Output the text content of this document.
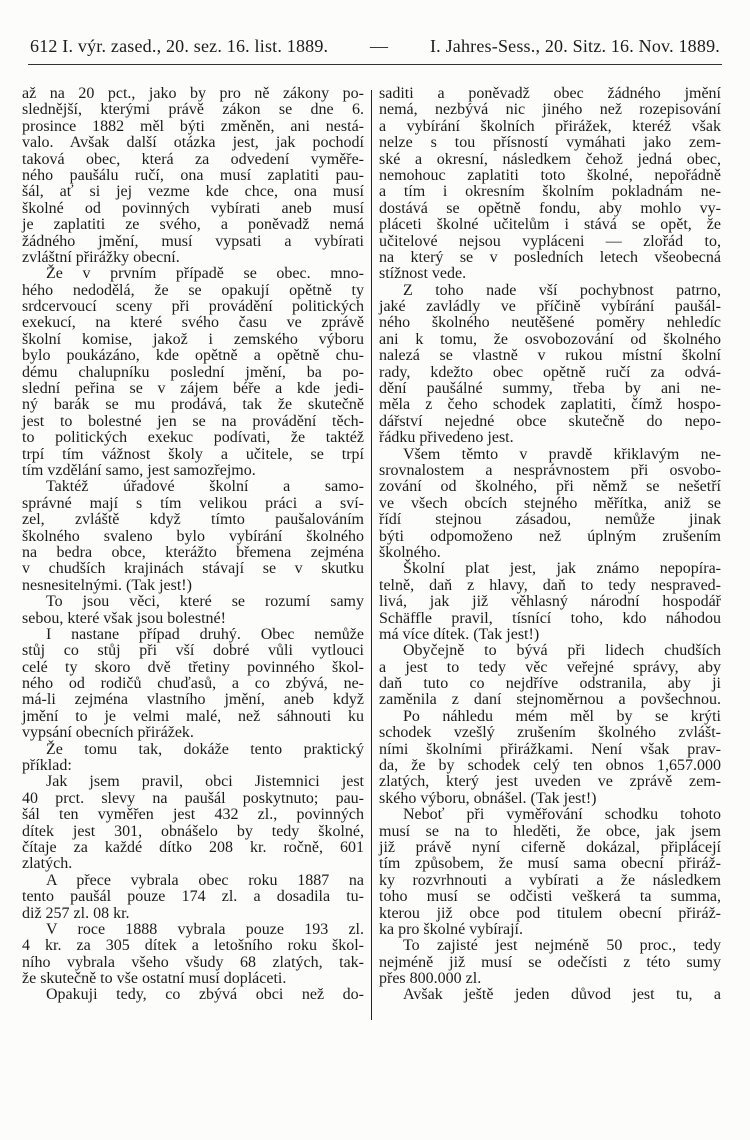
612 I. výr. zased., 20. sez. 16. list. 1889. — I. Jahres-Sess., 20. Sitz. 16. Nov. 1889.
až na 20 pct., jako by pro ně zákony po-
slednější, kterými právě zákon se dne 6.
prosince 1882 měl býti změněn, ani nestá-
valo. Avšak další otázka jest, jak pochodí
taková obec, která za odvedení vyměře-
ného paušálu ručí, ona musí zaplatiti pau-
šál, ať si jej vezme kde chce, ona musí
školné od povinných vybírati aneb musí
je zaplatiti ze svého, a poněvadž nemá
žádného jmění, musí vypsati a vybírati
zvláštní přirážky obecní.
Že v prvním případě se obec. mno-
hého nedodělá, že se opakují opětně ty
srdcervoucí sceny při provádění politických
exekucí, na které svého času ve zprávě
školní komise, jakož i zemského výboru
bylo poukázáno, kde opětně a opětně chu-
dému chalupníku poslední jmění, ba po-
slední peřina se v zájem béře a kde jedi-
ný barák se mu prodává, tak že skutečně
jest to bolestné jen se na provádění těch-
to politických exekuc podívati, že taktéž
trpí tím vážnost školy a učitele, se trpí
tím vzdělání samo, jest samozřejmo.
Taktéž úřadové školní a samo-
správné mají s tím velikou práci a sví-
zel, zvláště když tímto paušalováním
školného svaleno bylo vybírání školného
na bedra obce, kterážto břemena zejména
v chudších krajinách stávají se v skutku
nesnesitelnými. (Tak jest!)
To jsou věci, které se rozumí samy
sebou, které však jsou bolestné!
I nastane případ druhý. Obec nemůže
stůj co stůj při vší dobré vůli vytlouci
celé ty skoro dvě třetiny povinného škol-
ného od rodičů chuďasů, a co zbývá, ne-
má-li zejména vlastního jmění, aneb když
jmění to je velmi malé, než sáhnouti ku
vypsání obecních přirážek.
Že tomu tak, dokáže tento praktický
příklad:
Jak jsem pravil, obci Jistemnici jest
40 prct. slevy na paušál poskytnuto; pau-
šál ten vyměřen jest 432 zl., povinných
dítek jest 301, obnášelo by tedy školné,
čítaje za každé dítko 208 kr. ročně, 601
zlatých.
A přece vybrala obec roku 1887 na
tento paušál pouze 174 zl. a dosadila tu-
diž 257 zl. 08 kr.
V roce 1888 vybrala pouze 193 zl.
4 kr. za 305 dítek a letošního roku škol-
ního vybrala všeho všudy 68 zlatých, tak-
že skutečně to vše ostatní musí dopláceti.
Opakuji tedy, co zbývá obci než do-
saditi a poněvadž obec žádného jmění
nemá, nezbývá nic jiného než rozepisování
a vybírání školních přirážek, kteréž však
nelze s tou přísností vymáhati jako zem-
ské a okresní, následkem čehož jedná obec,
nemohouc zaplatiti toto školné, nepořádně
a tím i okresním školním pokladnám ne-
dostává se opětně fondu, aby mohlo vy-
pláceti školné učitelům i stává se opět, že
učitelové nejsou vypláceni — zlořád to,
na který se v posledních letech všeobecná
stížnost vede.
Z toho nade vší pochybnost patrno,
jaké zavládly ve příčině vybírání paušál-
ného školného neutěšené poměry nehledíc
ani k tomu, že osvobozování od školného
nalezá se vlastně v rukou místní školní
rady, kdežto obec opětně ručí za odvá-
dění paušálné summy, třeba by ani ne-
měla z čeho schodek zaplatiti, čímž hospo-
dářství nejedné obce skutečně do nepo-
řádku přivedeno jest.
Všem těmto v pravdě křiklavým ne-
srovnalostem a nesprávnostem při osvobo-
zování od školného, při němž se nešetří
ve všech obcích stejného měřítka, aniž se
řídí stejnou zásadou, nemůže jinak
býti odpomoženo než úplným zrušením
školného.
Školní plat jest, jak známo nepopíra-
telně, daň z hlavy, daň to tedy nespraved-
livá, jak již věhlasný národní hospodář
Schäffle pravil, tísnící toho, kdo náhodou
má více dítek. (Tak jest!)
Obyčejně to bývá při lidech chudších
a jest to tedy věc veřejné správy, aby
daň tuto co nejdříve odstranila, aby ji
zaměnila z daní stejnoměrnou a povšechnou.
Po náhledu mém měl by se krýti
schodek vzešlý zrušením školného zvlášt-
ními školními přirážkami. Není však prav-
da, že by schodek celý ten obnos 1,657.000
zlatých, který jest uveden ve zprávě zem-
ského výboru, obnášel. (Tak jest!)
Neboť při vyměřování schodku tohoto
musí se na to hleděti, že obce, jak jsem
již právě nyní ciferně dokázal, připlácejí
tím způsobem, že musí sama obecní přiráž-
ky rozvrhnouti a vybírati a že následkem
toho musí se odčisti veškerá ta summa,
kterou již obce pod titulem obecní přiráž-
ka pro školné vybírají.
To zajisté jest nejméně 50 proc., tedy
nejméně již musí se odečísti z této sumy
přes 800.000 zl.
Avšak ještě jeden důvod jest tu, a
